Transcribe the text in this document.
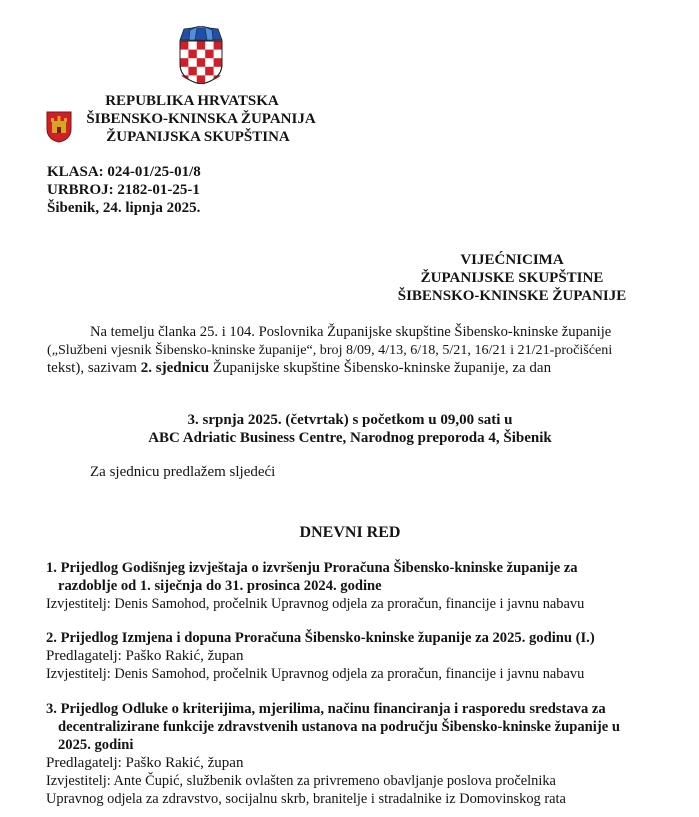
REPUBLIKA HRVATSKA
ŠIBENSKO-KNINSKA ŽUPANIJA
ŽUPANIJSKA SKUPŠTINA
KLASA: 024-01/25-01/8
URBROJ: 2182-01-25-1
Šibenik, 24. lipnja 2025.
VIJEĆNICIMA
ŽUPANIJSKE SKUPŠTINE
ŠIBENSKO-KNINSKE ŽUPANIJE
Na temelju članka 25. i 104. Poslovnika Županijske skupštine Šibensko-kninske županije
(„Službeni vjesnik Šibensko-kninske županije“, broj 8/09, 4/13, 6/18, 5/21, 16/21 i 21/21-pročišćeni
tekst), sazivam 2. sjednicu Županijske skupštine Šibensko-kninske županije, za dan
3. srpnja 2025. (četvrtak) s početkom u 09,00 sati u
ABC Adriatic Business Centre, Narodnog preporoda 4, Šibenik
Za sjednicu predlažem sljedeći
DNEVNI RED
1. Prijedlog Godišnjeg izvještaja o izvršenju Proračuna Šibensko-kninske županije za
razdoblje od 1. siječnja do 31. prosinca 2024. godine
Izvjestitelj: Denis Samohod, pročelnik Upravnog odjela za proračun, financije i javnu nabavu
2. Prijedlog Izmjena i dopuna Proračuna Šibensko-kninske županije za 2025. godinu (I.)
Predlagatelj: Paško Rakić, župan
Izvjestitelj: Denis Samohod, pročelnik Upravnog odjela za proračun, financije i javnu nabavu
3. Prijedlog Odluke o kriterijima, mjerilima, načinu financiranja i rasporedu sredstava za
decentralizirane funkcije zdravstvenih ustanova na području Šibensko-kninske županije u
2025. godini
Predlagatelj: Paško Rakić, župan
Izvjestitelj: Ante Čupić, službenik ovlašten za privremeno obavljanje poslova pročelnika
Upravnog odjela za zdravstvo, socijalnu skrb, branitelje i stradalnike iz Domovinskog rata
